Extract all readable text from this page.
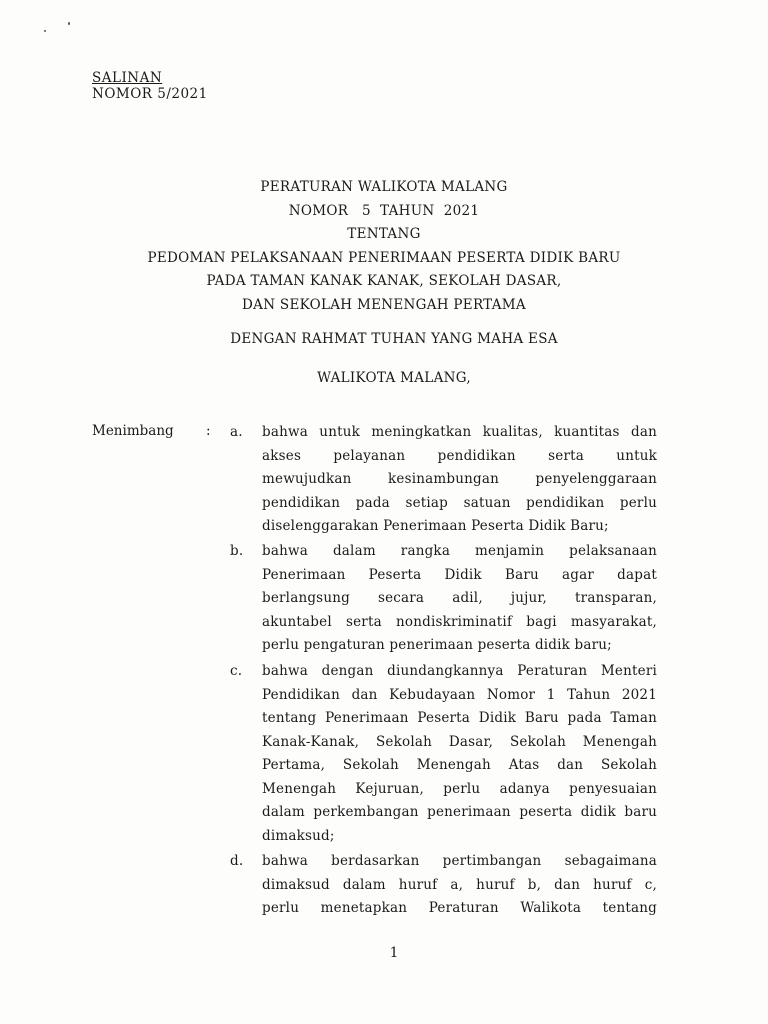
SALINAN
NOMOR 5/2021
PERATURAN WALIKOTA MALANG
NOMOR   5  TAHUN  2021
TENTANG
PEDOMAN PELAKSANAAN PENERIMAAN PESERTA DIDIK BARU
PADA TAMAN KANAK KANAK, SEKOLAH DASAR,
DAN SEKOLAH MENENGAH PERTAMA
DENGAN RAHMAT TUHAN YANG MAHA ESA
WALIKOTA MALANG,
Menimbang : a. bahwa untuk meningkatkan kualitas, kuantitas dan
akses pelayanan pendidikan serta untuk
mewujudkan kesinambungan penyelenggaraan
pendidikan pada setiap satuan pendidikan perlu
diselenggarakan Penerimaan Peserta Didik Baru;
b. bahwa dalam rangka menjamin pelaksanaan
Penerimaan Peserta Didik Baru agar dapat
berlangsung secara adil, jujur, transparan,
akuntabel serta nondiskriminatif bagi masyarakat,
perlu pengaturan penerimaan peserta didik baru;
c. bahwa dengan diundangkannya Peraturan Menteri
Pendidikan dan Kebudayaan Nomor 1 Tahun 2021
tentang Penerimaan Peserta Didik Baru pada Taman
Kanak-Kanak, Sekolah Dasar, Sekolah Menengah
Pertama, Sekolah Menengah Atas dan Sekolah
Menengah Kejuruan, perlu adanya penyesuaian
dalam perkembangan penerimaan peserta didik baru
dimaksud;
d. bahwa berdasarkan pertimbangan sebagaimana
dimaksud dalam huruf a, huruf b, dan huruf c,
perlu menetapkan Peraturan Walikota tentang
1
